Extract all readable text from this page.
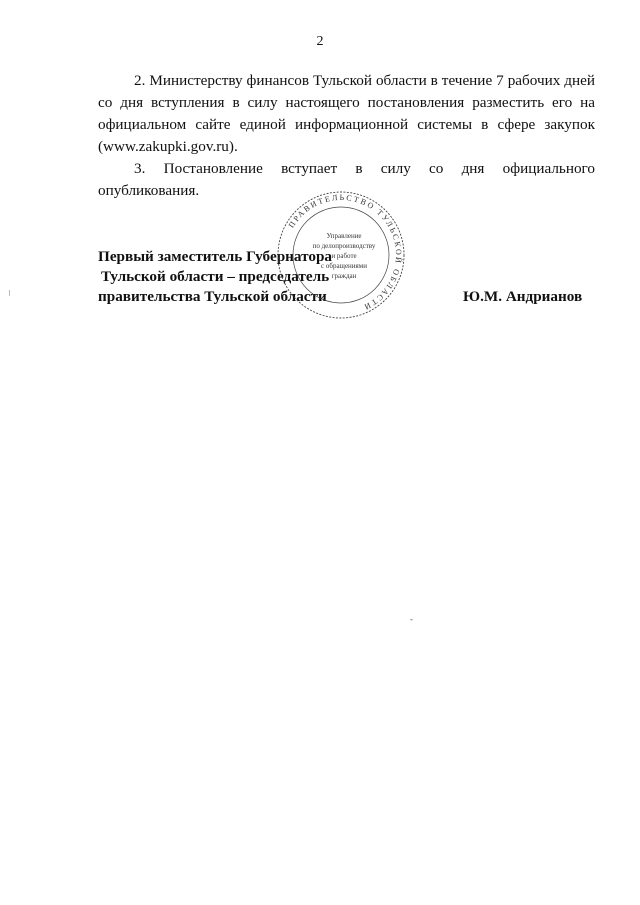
2

2. Министерству финансов Тульской области в течение 7 рабочих дней со дня вступления в силу настоящего постановления разместить его на официальном сайте единой информационной системы в сфере закупок (www.zakupki.gov.ru).

3. Постановление вступает в силу со дня официального опубликования.

Первый заместитель Губернатора
Тульской области – председатель
правительства Тульской области	Ю.М. Андрианов
ПРАВИТЕЛЬСТВО ТУЛЬСКОЙ ОБЛАСТИ
Управление
по делопроизводству
и работе
с обращениями
граждан
-
